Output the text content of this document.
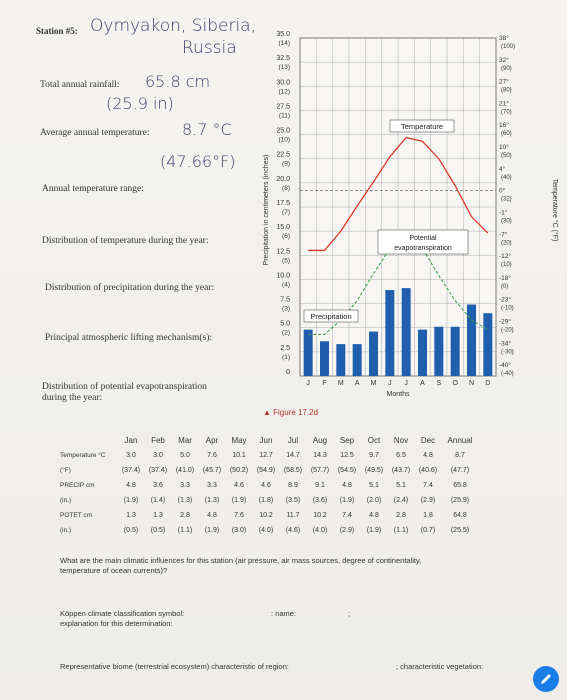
Station #5: Oymyakon, Siberia,
Russia
Total annual rainfall: 65.8 cm
(25.9 in)
Average annual temperature: 8.7 °C
(47.66°F)
Annual temperature range:
Distribution of temperature during the year:
Distribution of precipitation during the year:
Principal atmospheric lifting mechanism(s):
Distribution of potential evapotranspiration
during the year:
35.0
(14)
32.5
(13)
30.0
(12)
27.5
(11)
25.0
(10)
22.5
(9)
20.0
(8)
17.5
(7)
15.0
(6)
12.5
(5)
10.0
(4)
7.5
(3)
5.0
(2)
2.5
(1)
0
38°
(100)
32°
(90)
27°
(80)
21°
(70)
16°
(60)
10°
(50)
4°
(40)
0°
(32)
-1°
(30)
-7°
(20)
-12°
(10)
-18°
(0)
-23°
(-10)
-29°
(-20)
-34°
(-30)
-40°
(-40)
J F M A M J J A S O N D
Months
Temperature
Potential
evapotranspiration
Precipitation
Precipitation in centimeters (inches)	Temperature °C (°F)
▲ Figure 17.2d
Jan	Feb	Mar	Apr	May	Jun	Jul	Aug	Sep	Oct	Nov	Dec	Annual
Temperature °C	3.0	3.0	5.0	7.6	10.1	12.7	14.7	14.3	12.5	9.7	6.5	4.8	8.7
(°F)	(37.4)	(37.4)	(41.0)	(45.7)	(50.2)	(54.9)	(58.5)	(57.7)	(54.5)	(49.5)	(43.7)	(40.6)	(47.7)
PRECIP cm	4.8	3.6	3.3	3.3	4.6	4.6	8.9	9.1	4.8	5.1	5.1	7.4	65.8
(in.)	(1.9)	(1.4)	(1.3)	(1.3)	(1.9)	(1.8)	(3.5)	(3.6)	(1.9)	(2.0)	(2.4)	(2.9)	(25.9)
POTET cm	1.3	1.3	2.8	4.8	7.6	10.2	11.7	10.2	7.4	4.8	2.8	1.8	64.8
(in.)	(0.5)	(0.5)	(1.1)	(1.9)	(3.0)	(4.0)	(4.6)	(4.0)	(2.9)	(1.9)	(1.1)	(0.7)	(25.5)
What are the main climatic influences for this station (air pressure, air mass sources, degree of continentality,
temperature of ocean currents)?
Köppen climate classification symbol:
explanation for this determination:
: name:	;
Representative biome (terrestrial ecosystem) characteristic of region:	; characteristic vegetation:
